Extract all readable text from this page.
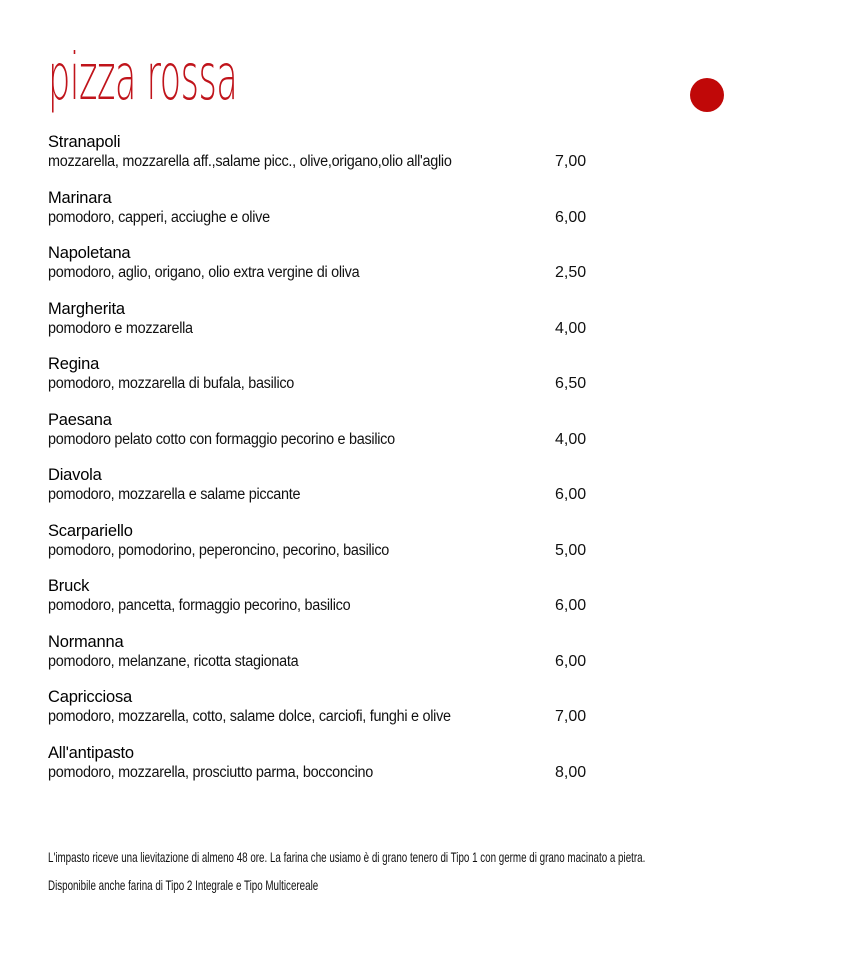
pizza rossa
Stranapoli
mozzarella, mozzarella aff.,salame picc., olive,origano,olio all'aglio	7,00
Marinara
pomodoro, capperi, acciughe e olive	6,00
Napoletana
pomodoro, aglio, origano, olio extra vergine di oliva	2,50
Margherita
pomodoro e mozzarella	4,00
Regina
pomodoro, mozzarella di bufala, basilico	6,50
Paesana
pomodoro pelato cotto con formaggio pecorino e basilico	4,00
Diavola
pomodoro, mozzarella e salame piccante	6,00
Scarpariello
pomodoro, pomodorino, peperoncino, pecorino, basilico	5,00
Bruck
pomodoro, pancetta, formaggio pecorino, basilico	6,00
Normanna
pomodoro, melanzane, ricotta stagionata	6,00
Capricciosa
pomodoro, mozzarella, cotto, salame dolce, carciofi, funghi e olive	7,00
All'antipasto
pomodoro, mozzarella, prosciutto parma, bocconcino	8,00
L'impasto riceve una lievitazione di almeno 48 ore. La farina che usiamo è di grano tenero di Tipo 1 con germe di grano macinato a pietra.
Disponibile anche farina di Tipo 2 Integrale e Tipo Multicereale
